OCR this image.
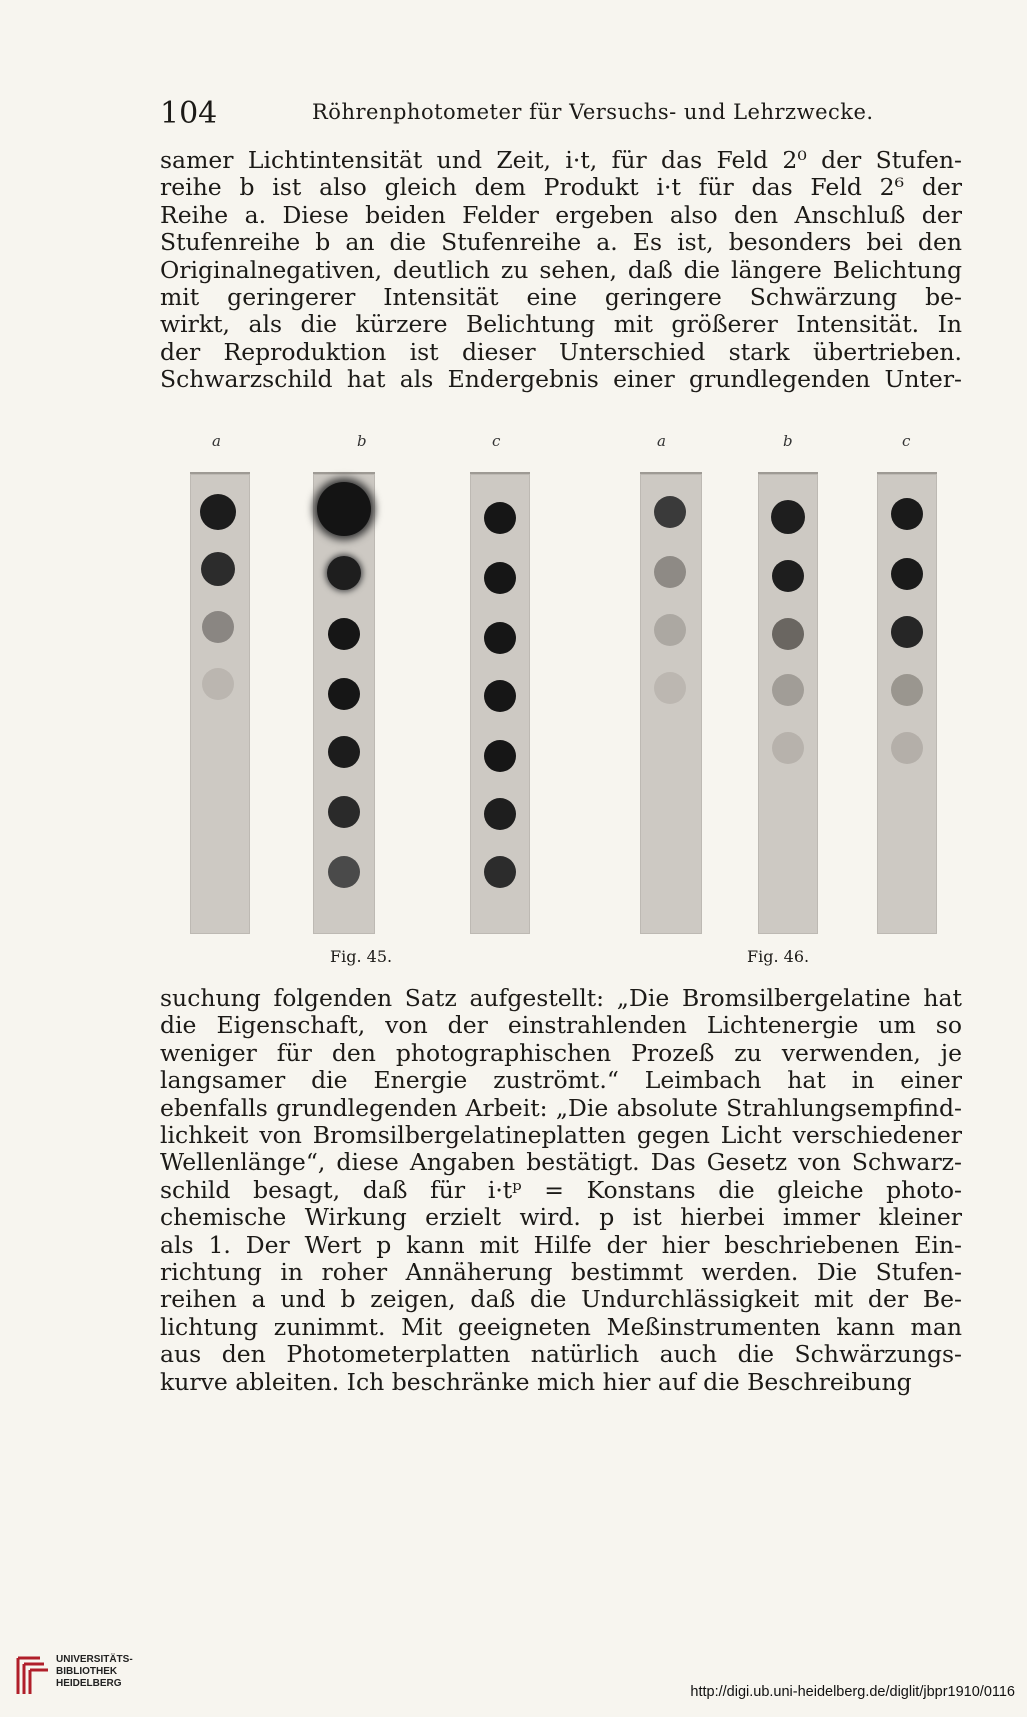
104	Röhrenphotometer für Versuchs- und Lehrzwecke.
samer Lichtintensität und Zeit, i·t, für das Feld 2⁰ der Stufen-
reihe b ist also gleich dem Produkt i·t für das Feld 2⁶ der
Reihe a. Diese beiden Felder ergeben also den Anschluß der
Stufenreihe b an die Stufenreihe a. Es ist, besonders bei den
Originalnegativen, deutlich zu sehen, daß die längere Belichtung
mit geringerer Intensität eine geringere Schwärzung be-
wirkt, als die kürzere Belichtung mit größerer Intensität. In
der Reproduktion ist dieser Unterschied stark übertrieben.
Schwarzschild hat als Endergebnis einer grundlegenden Unter-
a	b	c	a	b	c
Fig. 45.	Fig. 46.
suchung folgenden Satz aufgestellt: „Die Bromsilbergelatine hat
die Eigenschaft, von der einstrahlenden Lichtenergie um so
weniger für den photographischen Prozeß zu verwenden, je
langsamer die Energie zuströmt.“ Leimbach hat in einer
ebenfalls grundlegenden Arbeit: „Die absolute Strahlungsempfind-
lichkeit von Bromsilbergelatineplatten gegen Licht verschiedener
Wellenlänge“, diese Angaben bestätigt. Das Gesetz von Schwarz-
schild besagt, daß für i·tᵖ = Konstans die gleiche photo-
chemische Wirkung erzielt wird. p ist hierbei immer kleiner
als 1. Der Wert p kann mit Hilfe der hier beschriebenen Ein-
richtung in roher Annäherung bestimmt werden. Die Stufen-
reihen a und b zeigen, daß die Undurchlässigkeit mit der Be-
lichtung zunimmt. Mit geeigneten Meßinstrumenten kann man
aus den Photometerplatten natürlich auch die Schwärzungs-
kurve ableiten. Ich beschränke mich hier auf die Beschreibung
UNIVERSITÄTS-
BIBLIOTHEK
HEIDELBERG
http://digi.ub.uni-heidelberg.de/diglit/jbpr1910/0116
